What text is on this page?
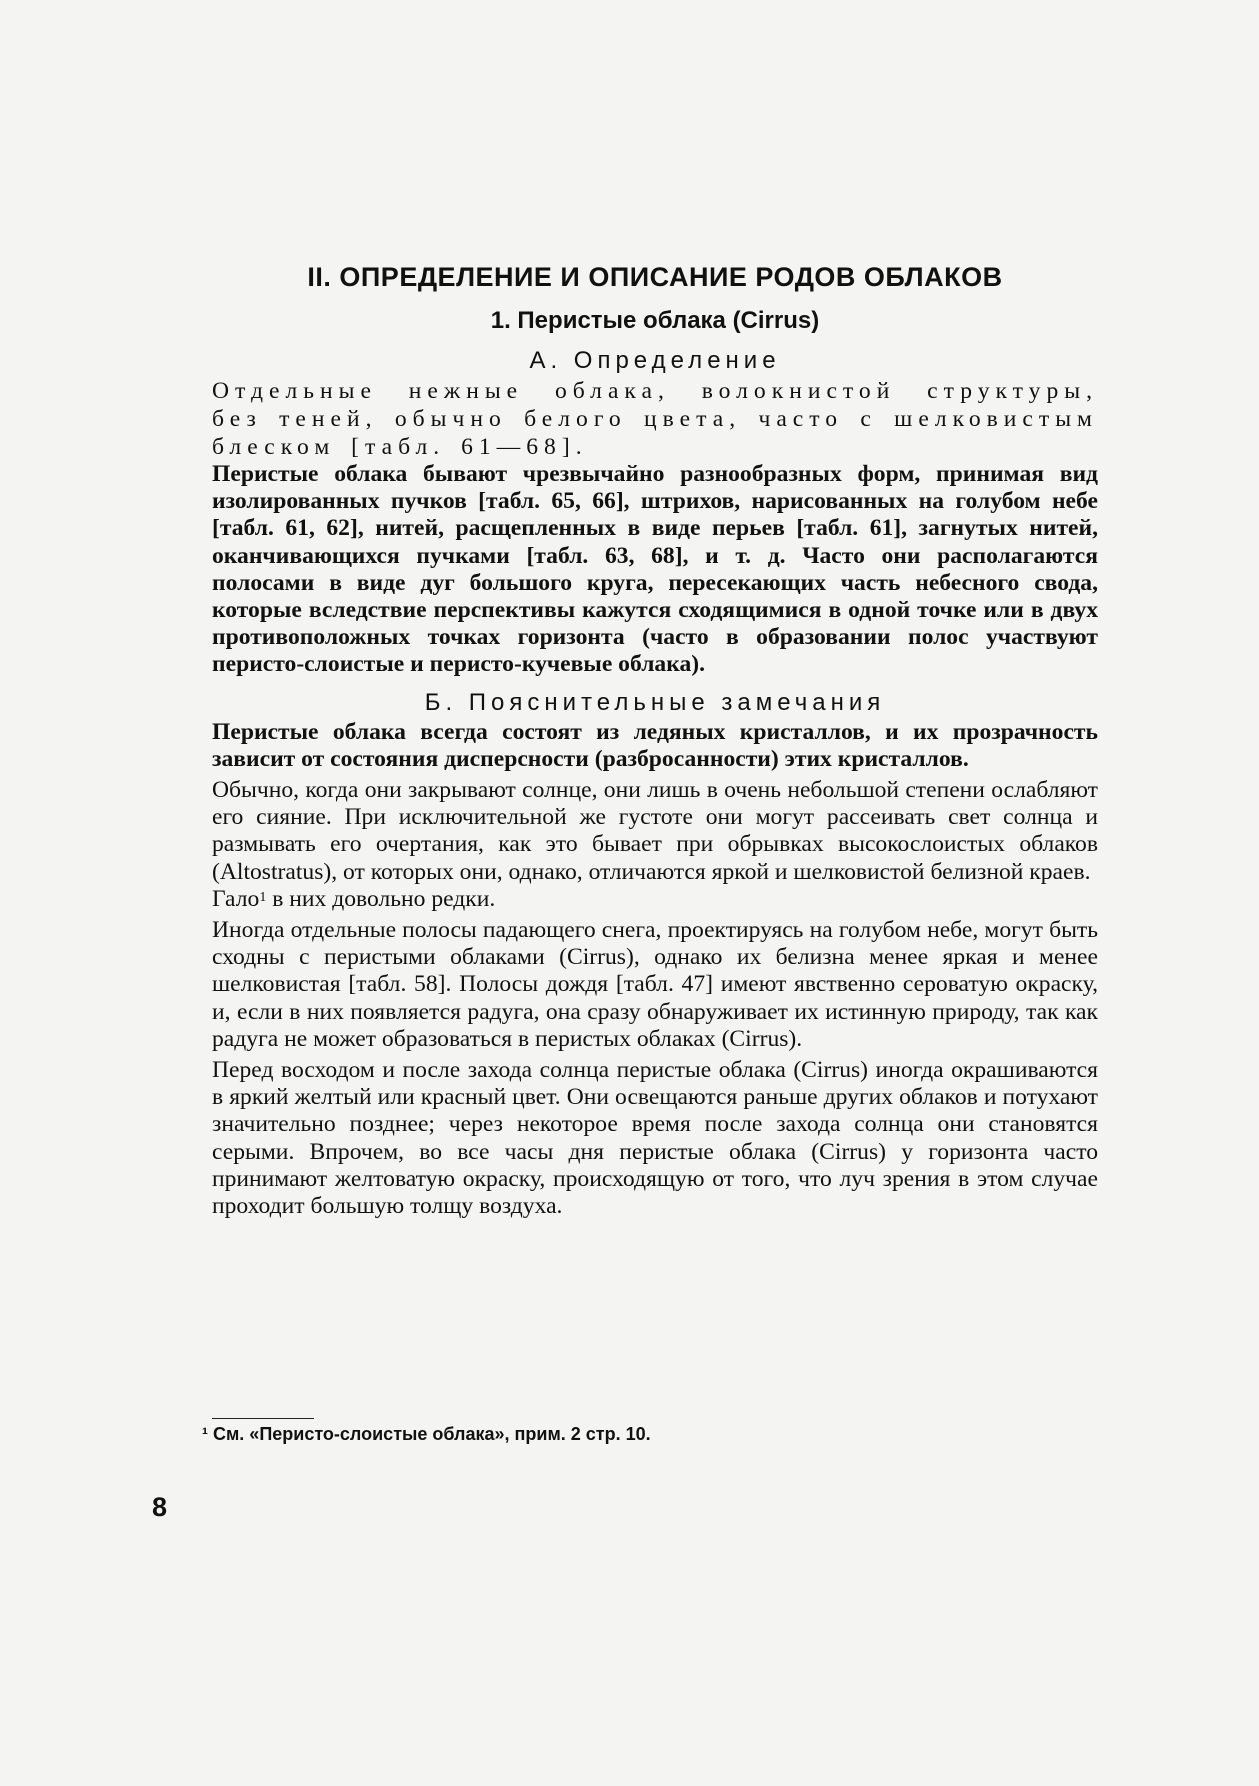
II. ОПРЕДЕЛЕНИЕ И ОПИСАНИЕ РОДОВ ОБЛАКОВ
1. Перистые облака (Cirrus)
А. Определение

Отдельные нежные облака, волокнистой структуры, без теней, обычно белого цвета, часто с шелковистым блеском [табл. 61—68].

Перистые облака бывают чрезвычайно разнообразных форм, принимая вид изолированных пучков [табл. 65, 66], штрихов, нарисованных на голубом небе [табл. 61, 62], нитей, расщепленных в виде перьев [табл. 61], загнутых нитей, оканчивающихся пучками [табл. 63, 68], и т. д. Часто они располагаются полосами в виде дуг большого круга, пересекающих часть небесного свода, которые вследствие перспективы кажутся сходящимися в одной точке или в двух противоположных точках горизонта (часто в образовании полос участвуют перисто-слоистые и перисто-кучевые облака).

Б. Пояснительные замечания

Перистые облака всегда состоят из ледяных кристаллов, и их прозрачность зависит от состояния дисперсности (разбросанности) этих кристаллов.

Обычно, когда они закрывают солнце, они лишь в очень небольшой степени ослабляют его сияние. При исключительной же густоте они могут рассеивать свет солнца и размывать его очертания, как это бывает при обрывках высокослоистых облаков (Altostratus), от которых они, однако, отличаются яркой и шелковистой белизной краев.

Гало$^1$ в них довольно редки.

Иногда отдельные полосы падающего снега, проектируясь на голубом небе, могут быть сходны с перистыми облаками (Cirrus), однако их белизна менее яркая и менее шелковистая [табл. 58]. Полосы дождя [табл. 47] имеют явственно сероватую окраску, и, если в них появляется радуга, она сразу обнаруживает их истинную природу, так как радуга не может образоваться в перистых облаках (Cirrus).

Перед восходом и после захода солнца перистые облака (Cirrus) иногда окрашиваются в яркий желтый или красный цвет. Они освещаются раньше других облаков и потухают значительно позднее; через некоторое время после захода солнца они становятся серыми. Впрочем, во все часы дня перистые облака (Cirrus) у горизонта часто принимают желтоватую окраску, происходящую от того, что луч зрения в этом случае проходит большую толщу воздуха.

¹ См. «Перисто-слоистые облака», прим. 2 стр. 10.
8
